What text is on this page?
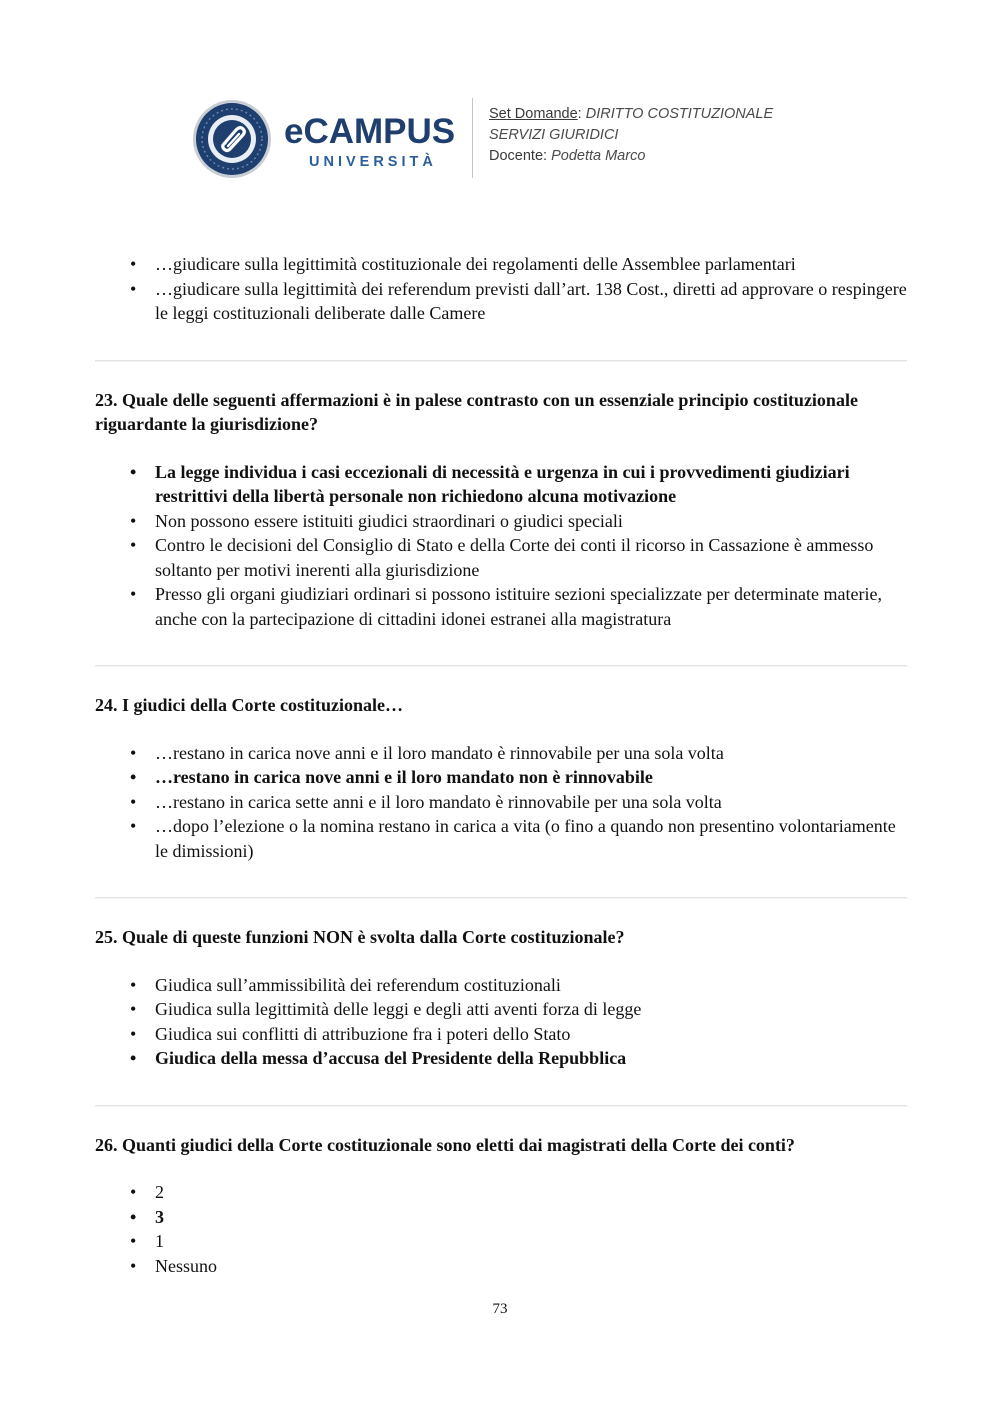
eCAMPUS
UNIVERSITÀ
Set Domande: DIRITTO COSTITUZIONALE
SERVIZI GIURIDICI
Docente: Podetta Marco
• …giudicare sulla legittimità costituzionale dei regolamenti delle Assemblee parlamentari
• …giudicare sulla legittimità dei referendum previsti dall’art. 138 Cost., diretti ad approvare o respingere le leggi costituzionali deliberate dalle Camere

23. Quale delle seguenti affermazioni è in palese contrasto con un essenziale principio costituzionale riguardante la giurisdizione?

• La legge individua i casi eccezionali di necessità e urgenza in cui i provvedimenti giudiziari restrittivi della libertà personale non richiedono alcuna motivazione
• Non possono essere istituiti giudici straordinari o giudici speciali
• Contro le decisioni del Consiglio di Stato e della Corte dei conti il ricorso in Cassazione è ammesso soltanto per motivi inerenti alla giurisdizione
• Presso gli organi giudiziari ordinari si possono istituire sezioni specializzate per determinate materie, anche con la partecipazione di cittadini idonei estranei alla magistratura

24. I giudici della Corte costituzionale…

• …restano in carica nove anni e il loro mandato è rinnovabile per una sola volta
• …restano in carica nove anni e il loro mandato non è rinnovabile
• …restano in carica sette anni e il loro mandato è rinnovabile per una sola volta
• …dopo l’elezione o la nomina restano in carica a vita (o fino a quando non presentino volontariamente le dimissioni)

25. Quale di queste funzioni NON è svolta dalla Corte costituzionale?

• Giudica sull’ammissibilità dei referendum costituzionali
• Giudica sulla legittimità delle leggi e degli atti aventi forza di legge
• Giudica sui conflitti di attribuzione fra i poteri dello Stato
• Giudica della messa d’accusa del Presidente della Repubblica

26. Quanti giudici della Corte costituzionale sono eletti dai magistrati della Corte dei conti?

• 2
• 3
• 1
• Nessuno
73
